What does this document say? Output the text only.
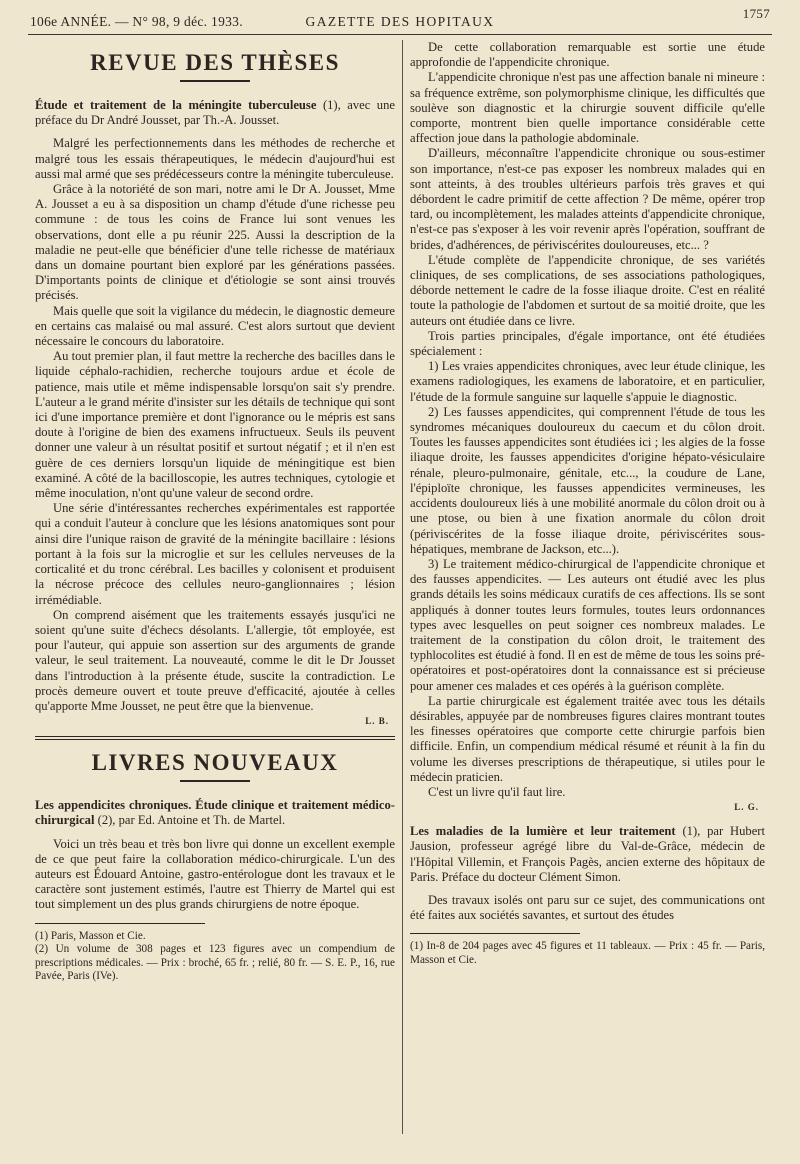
106e ANNÉE. — N° 98, 9 déc. 1933.	GAZETTE DES HOPITAUX
1757
REVUE DES THÈSES
Étude et traitement de la méningite tuberculeuse (1), avec une préface du Dr André Jousset, par Th.-A. Jousset.

Malgré les perfectionnements dans les méthodes de recherche et malgré tous les essais thérapeutiques, le médecin d'aujourd'hui est aussi mal armé que ses prédécesseurs contre la méningite tuberculeuse.

Grâce à la notoriété de son mari, notre ami le Dr A. Jousset, Mme A. Jousset a eu à sa disposition un champ d'étude d'une richesse peu commune : de tous les coins de France lui sont venues les observations, dont elle a pu réunir 225. Aussi la description de la maladie ne peut-elle que bénéficier d'une telle richesse de matériaux dans un domaine pourtant bien exploré par les générations passées. D'importants points de clinique et d'étiologie se sont ainsi trouvés précisés.

Mais quelle que soit la vigilance du médecin, le diagnostic demeure en certains cas malaisé ou mal assuré. C'est alors surtout que devient nécessaire le concours du laboratoire.

Au tout premier plan, il faut mettre la recherche des bacilles dans le liquide céphalo-rachidien, recherche toujours ardue et école de patience, mais utile et même indispensable lorsqu'on sait s'y prendre. L'auteur a le grand mérite d'insister sur les détails de technique qui sont ici d'une importance première et dont l'ignorance ou le mépris est sans doute à l'origine de bien des examens infructueux. Seuls ils peuvent donner une valeur à un résultat positif et surtout négatif ; et il n'en est guère de ces derniers lorsqu'un liquide de méningitique est bien examiné. A côté de la bacilloscopie, les autres techniques, cytologie et même inoculation, n'ont qu'une valeur de second ordre.

Une série d'intéressantes recherches expérimentales est rapportée qui a conduit l'auteur à conclure que les lésions anatomiques sont pour ainsi dire l'unique raison de gravité de la méningite bacillaire : lésions portant à la fois sur la microglie et sur les cellules nerveuses de la corticalité et du tronc cérébral. Les bacilles y colonisent et produisent la nécrose précoce des cellules neuro-ganglionnaires ; lésion irrémédiable.

On comprend aisément que les traitements essayés jusqu'ici ne soient qu'une suite d'échecs désolants. L'allergie, tôt employée, est pour l'auteur, qui appuie son assertion sur des arguments de grande valeur, le seul traitement. La nouveauté, comme le dit le Dr Jousset dans l'introduction à la présente étude, suscite la contradiction. Le procès demeure ouvert et toute preuve d'efficacité, ajoutée à celles qu'apporte Mme Jousset, ne peut être que la bienvenue.

L. B.
LIVRES NOUVEAUX
Les appendicites chroniques. Étude clinique et traitement médico-chirurgical (2), par Ed. Antoine et Th. de Martel.

Voici un très beau et très bon livre qui donne un excellent exemple de ce que peut faire la collaboration médico-chirurgicale. L'un des auteurs est Édouard Antoine, gastro-entérologue dont les travaux et le caractère sont justement estimés, l'autre est Thierry de Martel qui est tout simplement un des plus grands chirurgiens de notre époque.

(1) Paris, Masson et Cie.

(2) Un volume de 308 pages et 123 figures avec un compendium de prescriptions médicales. — Prix : broché, 65 fr. ; relié, 80 fr. — S. E. P., 16, rue Pavée, Paris (IVe).

De cette collaboration remarquable est sortie une étude approfondie de l'appendicite chronique.

L'appendicite chronique n'est pas une affection banale ni mineure : sa fréquence extrême, son polymorphisme clinique, les difficultés que soulève son diagnostic et la chirurgie souvent difficile qu'elle comporte, montrent bien quelle importance considérable cette affection joue dans la pathologie abdominale.

D'ailleurs, méconnaître l'appendicite chronique ou sous-estimer son importance, n'est-ce pas exposer les nombreux malades qui en sont atteints, à des troubles ultérieurs parfois très graves et qui débordent le cadre primitif de cette affection ? De même, opérer trop tard, ou incomplètement, les malades atteints d'appendicite chronique, n'est-ce pas s'exposer à les voir revenir après l'opération, souffrant de brides, d'adhérences, de périviscérites douloureuses, etc... ?

L'étude complète de l'appendicite chronique, de ses variétés cliniques, de ses complications, de ses associations pathologiques, déborde nettement le cadre de la fosse iliaque droite. C'est en réalité toute la pathologie de l'abdomen et surtout de sa moitié droite, que les auteurs ont étudiée dans ce livre.

Trois parties principales, d'égale importance, ont été étudiées spécialement :

1) Les vraies appendicites chroniques, avec leur étude clinique, les examens radiologiques, les examens de laboratoire, et en particulier, l'étude de la formule sanguine sur laquelle s'appuie le diagnostic.

2) Les fausses appendicites, qui comprennent l'étude de tous les syndromes mécaniques douloureux du caecum et du côlon droit. Toutes les fausses appendicites sont étudiées ici ; les algies de la fosse iliaque droite, les fausses appendicites d'origine hépato-vésiculaire rénale, pleuro-pulmonaire, génitale, etc..., la coudure de Lane, l'épiploïte chronique, les fausses appendicites vermineuses, les accidents douloureux liés à une mobilité anormale du côlon droit ou à une ptose, ou bien à une fixation anormale du côlon droit (périviscérites de la fosse iliaque droite, périviscérites sous-hépatiques, membrane de Jackson, etc...).

3) Le traitement médico-chirurgical de l'appendicite chronique et des fausses appendicites. — Les auteurs ont étudié avec les plus grands détails les soins médicaux curatifs de ces affections. Ils se sont appliqués à donner toutes leurs formules, toutes leurs ordonnances types avec lesquelles on peut soigner ces nombreux malades. Le traitement de la constipation du côlon droit, le traitement des typhlocolites est étudié à fond. Il en est de même de tous les soins pré-opératoires et post-opératoires dont la connaissance est si précieuse pour amener ces malades et ces opérés à la guérison complète.

La partie chirurgicale est également traitée avec tous les détails désirables, appuyée par de nombreuses figures claires montrant toutes les finesses opératoires que comporte cette chirurgie parfois bien difficile. Enfin, un compendium médical résumé et réunit à la fin du volume les diverses prescriptions de thérapeutique, si utiles pour le médecin praticien.

C'est un livre qu'il faut lire.

L. G.
Les maladies de la lumière et leur traitement (1), par Hubert Jausion, professeur agrégé libre du Val-de-Grâce, médecin de l'Hôpital Villemin, et François Pagès, ancien externe des hôpitaux de Paris. Préface du docteur Clément Simon.

Des travaux isolés ont paru sur ce sujet, des communications ont été faites aux sociétés savantes, et surtout des études

(1) In-8 de 204 pages avec 45 figures et 11 tableaux. — Prix : 45 fr. — Paris, Masson et Cie.
